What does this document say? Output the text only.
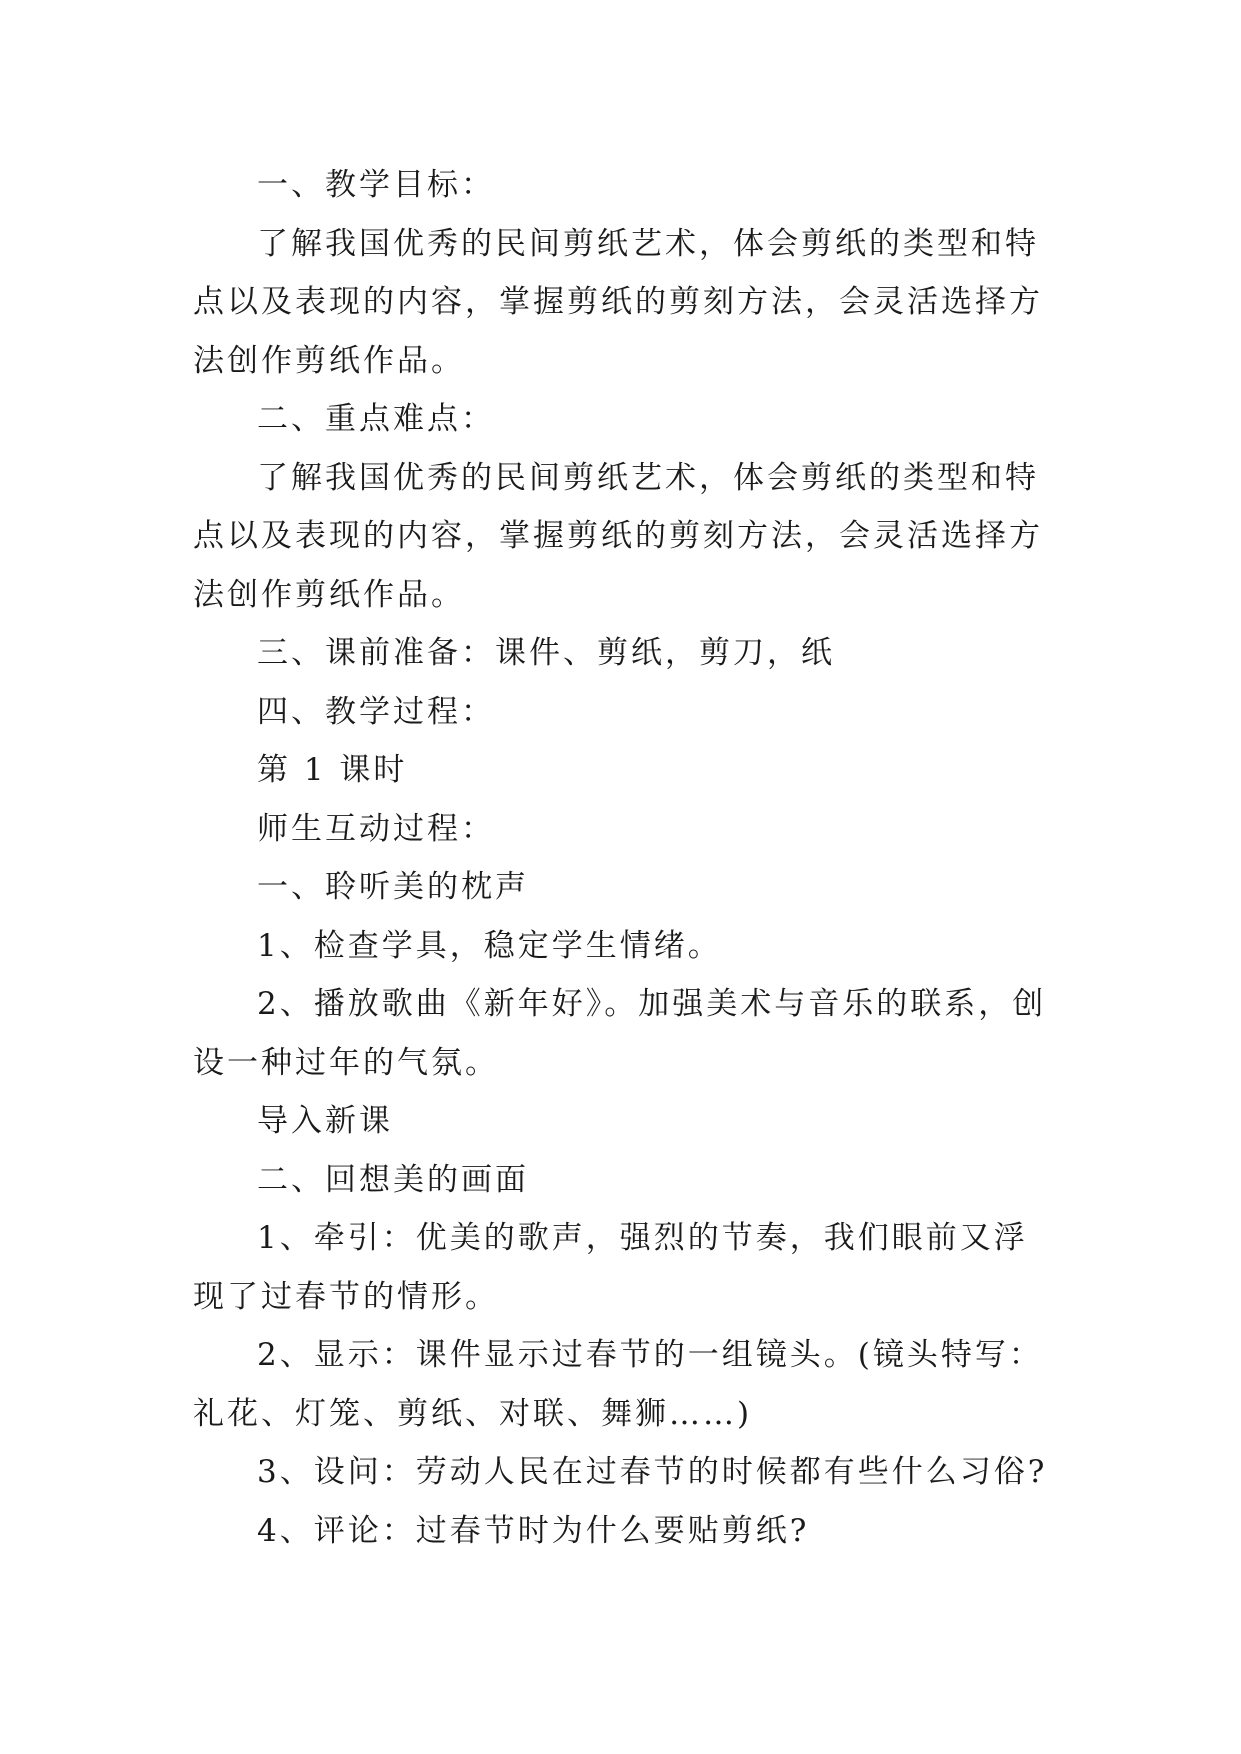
一、教学目标：

了解我国优秀的民间剪纸艺术，体会剪纸的类型和特点以及表现的内容，掌握剪纸的剪刻方法，会灵活选择方法创作剪纸作品。

二、重点难点：

了解我国优秀的民间剪纸艺术，体会剪纸的类型和特点以及表现的内容，掌握剪纸的剪刻方法，会灵活选择方法创作剪纸作品。

三、课前准备：课件、剪纸，剪刀，纸

四、教学过程：

第 1 课时

师生互动过程：

一、聆听美的枕声

1、检查学具，稳定学生情绪。

2、播放歌曲《新年好》。加强美术与音乐的联系，创设一种过年的气氛。

导入新课

二、回想美的画面

1、牵引：优美的歌声，强烈的节奏，我们眼前又浮现了过春节的情形。

2、显示：课件显示过春节的一组镜头。(镜头特写：礼花、灯笼、剪纸、对联、舞狮……)

3、设问：劳动人民在过春节的时候都有些什么习俗?

4、评论：过春节时为什么要贴剪纸?
